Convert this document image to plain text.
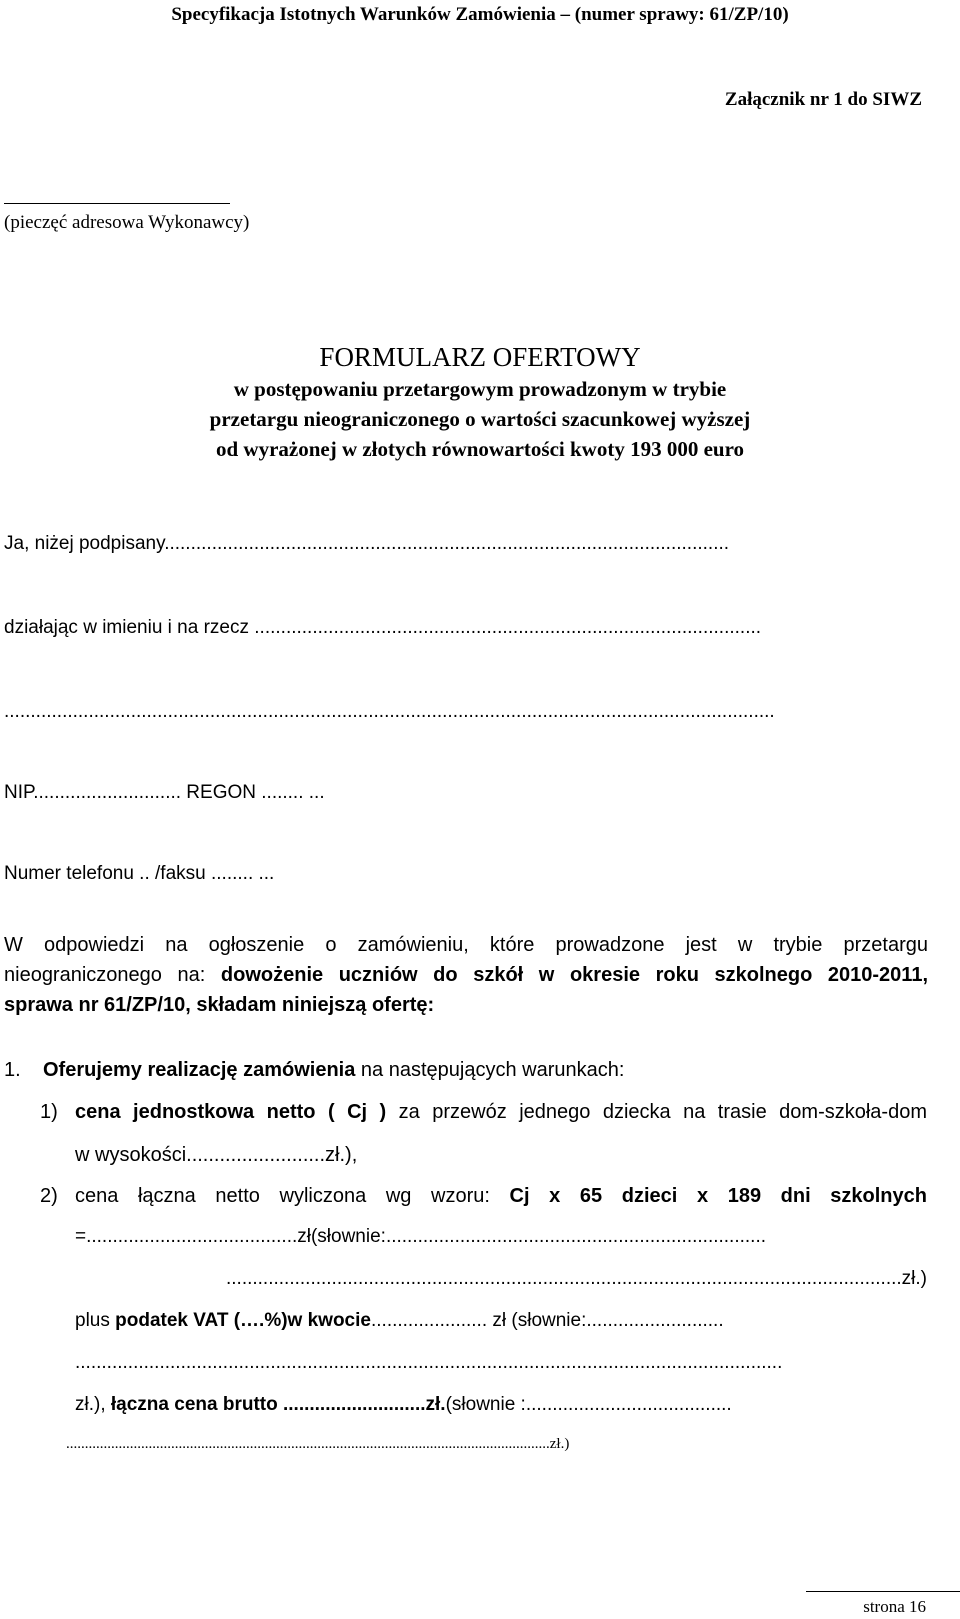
Specyfikacja Istotnych Warunków Zamówienia – (numer sprawy: 61/ZP/10)
Załącznik nr 1 do SIWZ
(pieczęć adresowa Wykonawcy)
FORMULARZ OFERTOWY
w postępowaniu przetargowym prowadzonym w trybie
przetargu nieograniczonego o wartości szacunkowej wyższej
od wyrażonej w złotych równowartości kwoty 193 000 euro
Ja, niżej podpisany...........................................................................................................
działając w imieniu i na rzecz ................................................................................................
..................................................................................................................................................
NIP............................ REGON ........ ...
Numer telefonu .. /faksu ........ ...
W odpowiedzi na ogłoszenie o zamówieniu, które prowadzone jest w trybie przetargu
nieograniczonego na: dowożenie uczniów do szkół w okresie roku szkolnego 2010-2011,
sprawa nr 61/ZP/10, składam niniejszą ofertę:
1. Oferujemy realizację zamówienia na następujących warunkach:
1) cena jednostkowa netto ( Cj ) za przewóz jednego dziecka na trasie dom-szkoła-dom
w wysokości.........................zł.),
2) cena łączna netto wyliczona wg wzoru: Cj x 65 dzieci x 189 dni szkolnych
=........................................zł(słownie:........................................................................
................................................................................................................................zł.)
plus podatek VAT (….%)w kwocie...................... zł (słownie:..........................
......................................................................................................................................
zł.), łączna cena brutto ...........................zł.(słownie :.......................................
.................................................................................................................................zł.)
strona 16
